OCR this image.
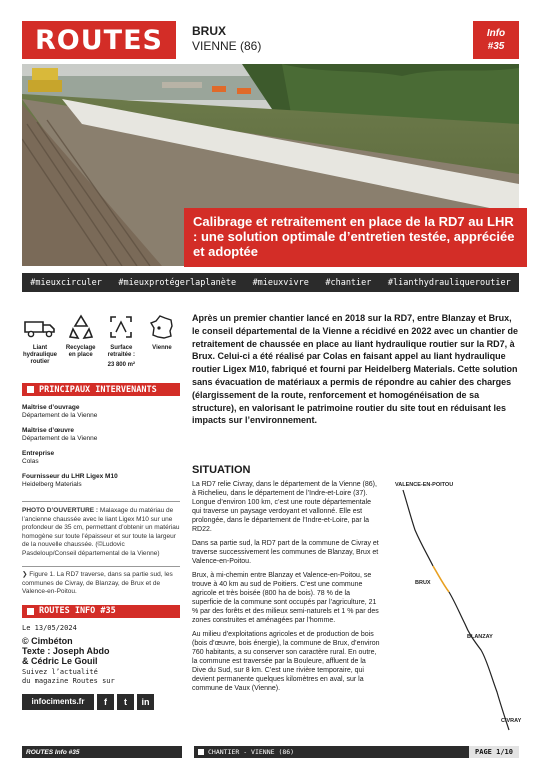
ROUTES	BRUX
VIENNE (86)
Info
#35
Calibrage et retraitement en place de la RD7 au LHR : une solution optimale d’entretien testée, appréciée et adoptée
#mieuxcirculer #mieuxprotégerlaplanète #mieuxvivre #chantier #lianthydrauliqueroutier
Liant hydraulique routier
Recyclage en place
Surface retraitée :
23 800 m²
Vienne
PRINCIPAUX INTERVENANTS
Maîtrise d’ouvrage
Département de la Vienne
Maîtrise d’œuvre
Département de la Vienne
Entreprise
Colas
Fournisseur du LHR Ligex M10
Heidelberg Materials
PHOTO D’OUVERTURE : Malaxage du matériau de l’ancienne chaussée avec le liant Ligex M10 sur une profondeur de 35 cm, permettant d’obtenir un matériau homogène sur toute l’épaisseur et sur toute la largeur de la nouvelle chaussée. (©Ludovic Pasdeloup/Conseil départemental de la Vienne)
❯ Figure 1. La RD7 traverse, dans sa partie sud, les communes de Civray, de Blanzay, de Brux et de Valence-en-Poitou.
ROUTES INFO #35
Le 13/05/2024
© Cimbéton
Texte : Joseph Abdo
& Cédric Le Gouil
Suivez l’actualité
du magazine Routes sur
infociments.fr	f	t	in
Après un premier chantier lancé en 2018 sur la RD7, entre Blanzay et Brux, le conseil départemental de la Vienne a récidivé en 2022 avec un chantier de retraitement de chaussée en place au liant hydraulique routier sur la RD7, à Brux. Celui-ci a été réalisé par Colas en faisant appel au liant hydraulique routier Ligex M10, fabriqué et fourni par Heidelberg Materials. Cette solution sans évacuation de matériaux a permis de répondre au cahier des charges (élargissement de la route, renforcement et homogénéisation de sa structure), en valorisant le patrimoine routier du site tout en réduisant les impacts sur l’environnement.
SITUATION

La RD7 relie Civray, dans le département de la Vienne (86), à Richelieu, dans le département de l’Indre-et-Loire (37). Longue d’environ 100 km, c’est une route départementale qui traverse un paysage verdoyant et vallonné. Elle est prolongée, dans le département de l’Indre-et-Loire, par la RD22.

Dans sa partie sud, la RD7 part de la commune de Civray et traverse successivement les communes de Blanzay, Brux et Valence-en-Poitou.

Brux, à mi-chemin entre Blanzay et Valence-en-Poitou, se trouve à 40 km au sud de Poitiers. C’est une commune agricole et très boisée (800 ha de bois). 78 % de la superficie de la commune sont occupés par l’agriculture, 21 % par des forêts et des milieux semi-naturels et 1 % par des zones construites et aménagées par l’homme.

Au milieu d’exploitations agricoles et de production de bois (bois d’œuvre, bois énergie), la commune de Brux, d’environ 760 habitants, a su conserver son caractère rural. En outre, la commune est traversée par la Bouleure, affluent de la Dive du Sud, sur 8 km. C’est une rivière temporaire, qui devient permanente quelques kilomètres en aval, sur la commune de Vaux (Vienne).

VALENCE-EN-POITOU
BRUX
BLANZAY
CIVRAY
ROUTES Info #35	CHANTIER - VIENNE (86)	PAGE 1/10
